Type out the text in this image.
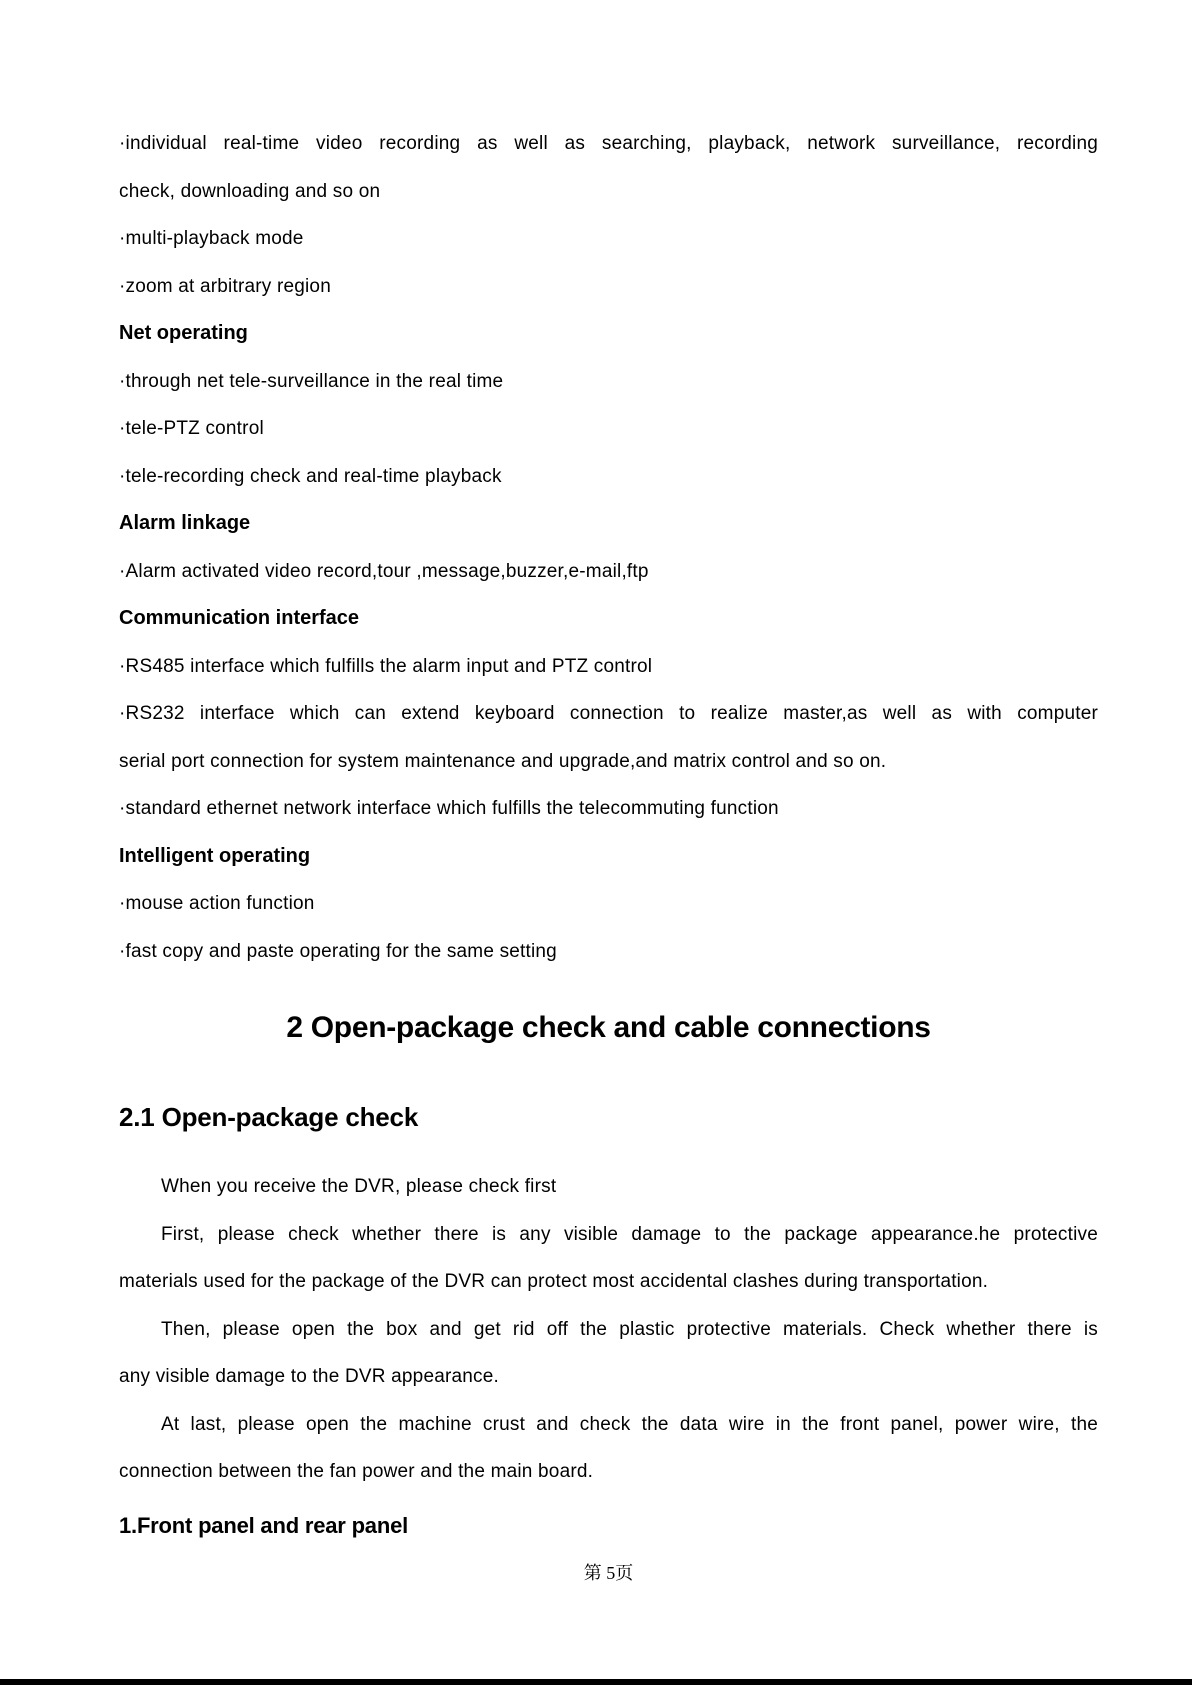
·individual real-time video recording as well as searching, playback, network surveillance, recording
check, downloading and so on
·multi-playback mode
·zoom at arbitrary region
Net operating
·through net tele-surveillance in the real time
·tele-PTZ control
·tele-recording check and real-time playback
Alarm linkage
·Alarm activated video record,tour ,message,buzzer,e-mail,ftp
Communication interface
·RS485 interface which fulfills the alarm input and PTZ control
·RS232 interface which can extend keyboard connection to realize master,as well as with computer
serial port connection for system maintenance and upgrade,and matrix control and so on.
·standard ethernet network interface which fulfills the telecommuting function
Intelligent operating
·mouse action function
·fast copy and paste operating for the same setting
2 Open-package check and cable connections
2.1 Open-package check
When you receive the DVR, please check first
First, please check whether there is any visible damage to the package appearance.he protective
materials used for the package of the DVR can protect most accidental clashes during transportation.
Then, please open the box and get rid off the plastic protective materials. Check whether there is
any visible damage to the DVR appearance.
At last, please open the machine crust and check the data wire in the front panel, power wire, the
connection between the fan power and the main board.
1.Front panel and rear panel
第 5页
